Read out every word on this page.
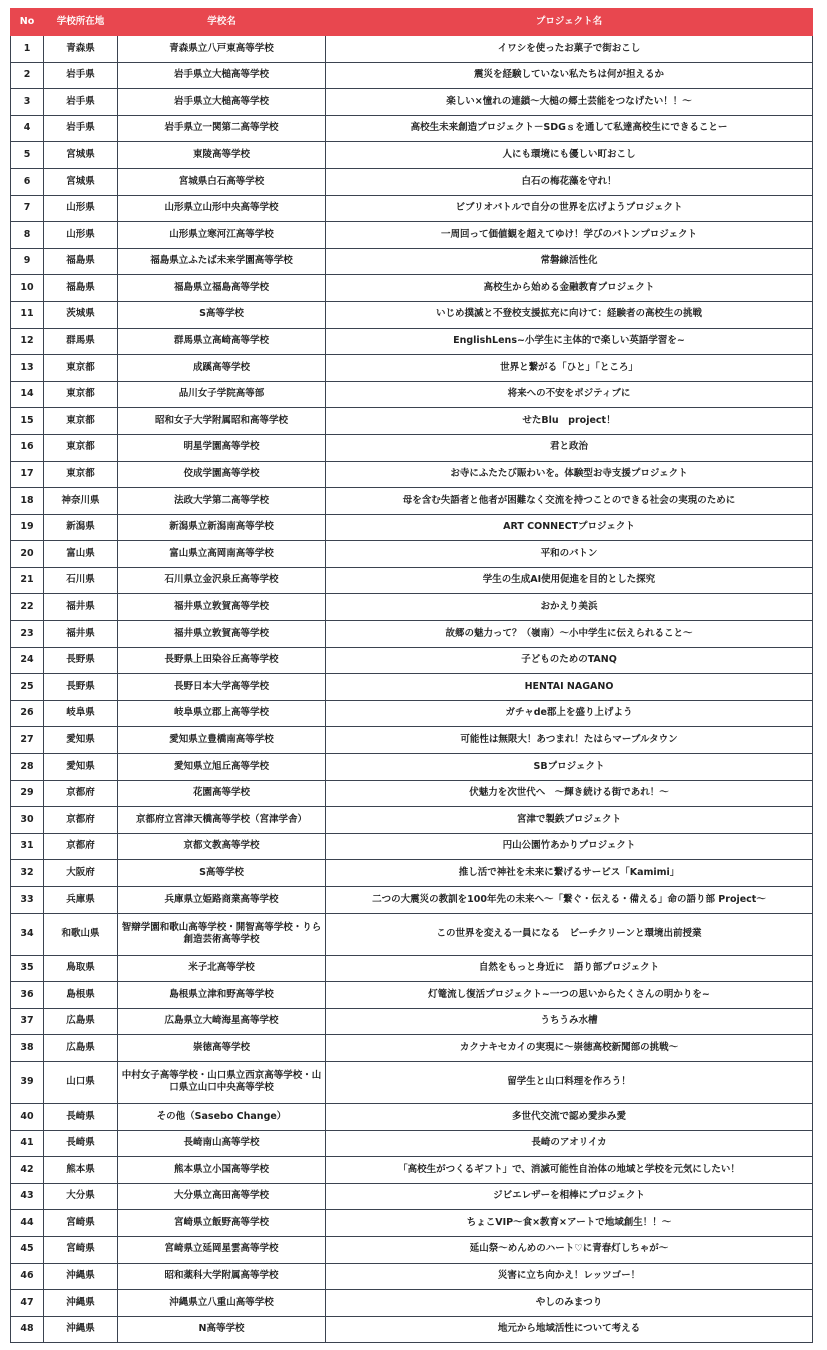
No	学校所在地	学校名	プロジェクト名
1	青森県	青森県立八戸東高等学校	イワシを使ったお菓子で街おこし
2	岩手県	岩手県立大槌高等学校	震災を経験していない私たちは何が担えるか
3	岩手県	岩手県立大槌高等学校	楽しい×憧れの連鎖〜大槌の郷土芸能をつなげたい！！〜
4	岩手県	岩手県立一関第二高等学校	高校生未来創造プロジェクト－SDGｓを通して私達高校生にできることー
5	宮城県	東陵高等学校	人にも環境にも優しい町おこし
6	宮城県	宮城県白石高等学校	白石の梅花藻を守れ！
7	山形県	山形県立山形中央高等学校	ビブリオバトルで自分の世界を広げようプロジェクト
8	山形県	山形県立寒河江高等学校	一周回って価値観を超えてゆけ！学びのバトンプロジェクト
9	福島県	福島県立ふたば未来学園高等学校	常磐線活性化
10	福島県	福島県立福島高等学校	高校生から始める金融教育プロジェクト
11	茨城県	S高等学校	いじめ撲滅と不登校支援拡充に向けて：経験者の高校生の挑戦
12	群馬県	群馬県立高崎高等学校	EnglishLens~小学生に主体的で楽しい英語学習を~
13	東京都	成蹊高等学校	世界と繋がる「ひと」「ところ」
14	東京都	品川女子学院高等部	将来への不安をポジティブに
15	東京都	昭和女子大学附属昭和高等学校	せたBlu　project！
16	東京都	明星学園高等学校	君と政治
17	東京都	佼成学園高等学校	お寺にふたたび賑わいを。体験型お寺支援プロジェクト
18	神奈川県	法政大学第二高等学校	母を含む失語者と他者が困難なく交流を持つことのできる社会の実現のために
19	新潟県	新潟県立新潟南高等学校	ART CONNECTプロジェクト
20	富山県	富山県立高岡南高等学校	平和のバトン
21	石川県	石川県立金沢泉丘高等学校	学生の生成AI使用促進を目的とした探究
22	福井県	福井県立敦賀高等学校	おかえり美浜
23	福井県	福井県立敦賀高等学校	故郷の魅力って？（嶺南）〜小中学生に伝えられること〜
24	長野県	長野県上田染谷丘高等学校	子どものためのTANQ
25	長野県	長野日本大学高等学校	HENTAI NAGANO
26	岐阜県	岐阜県立郡上高等学校	ガチャde郡上を盛り上げよう
27	愛知県	愛知県立豊橋南高等学校	可能性は無限大！あつまれ！たはらマーブルタウン
28	愛知県	愛知県立旭丘高等学校	SBプロジェクト
29	京都府	花園高等学校	伏魅力を次世代へ　〜輝き続ける街であれ！〜
30	京都府	京都府立宮津天橋高等学校（宮津学舎）	宮津で製鉄プロジェクト
31	京都府	京都文教高等学校	円山公園竹あかりプロジェクト
32	大阪府	S高等学校	推し活で神社を未来に繋げるサービス「Kamimi」
33	兵庫県	兵庫県立姫路商業高等学校	二つの大震災の教訓を100年先の未来へ〜「繋ぐ・伝える・備える」命の語り部 Project〜
34	和歌山県	智辯学園和歌山高等学校・開智高等学校・りら創造芸術高等学校	この世界を変える一員になる　ビーチクリーンと環境出前授業
35	鳥取県	米子北高等学校	自然をもっと身近に　語り部プロジェクト
36	島根県	島根県立津和野高等学校	灯篭流し復活プロジェクト~一つの思いからたくさんの明かりを~
37	広島県	広島県立大崎海星高等学校	うちうみ水槽
38	広島県	崇徳高等学校	カクナキセカイの実現に〜崇徳高校新聞部の挑戦〜
39	山口県	中村女子高等学校・山口県立西京高等学校・山口県立山口中央高等学校	留学生と山口料理を作ろう！
40	長崎県	その他（Sasebo Change）	多世代交流で認め愛歩み愛
41	長崎県	長崎南山高等学校	長崎のアオリイカ
42	熊本県	熊本県立小国高等学校	「高校生がつくるギフト」で、消滅可能性自治体の地域と学校を元気にしたい！
43	大分県	大分県立高田高等学校	ジビエレザーを相棒にプロジェクト
44	宮崎県	宮崎県立飯野高等学校	ちょこVIP〜食×教育×アートで地域創生！！〜
45	宮崎県	宮崎県立延岡星雲高等学校	延山祭〜めんめのハート♡に青春灯しちゃが〜
46	沖縄県	昭和薬科大学附属高等学校	災害に立ち向かえ！レッツゴー！
47	沖縄県	沖縄県立八重山高等学校	やしのみまつり
48	沖縄県	N高等学校	地元から地域活性について考える
